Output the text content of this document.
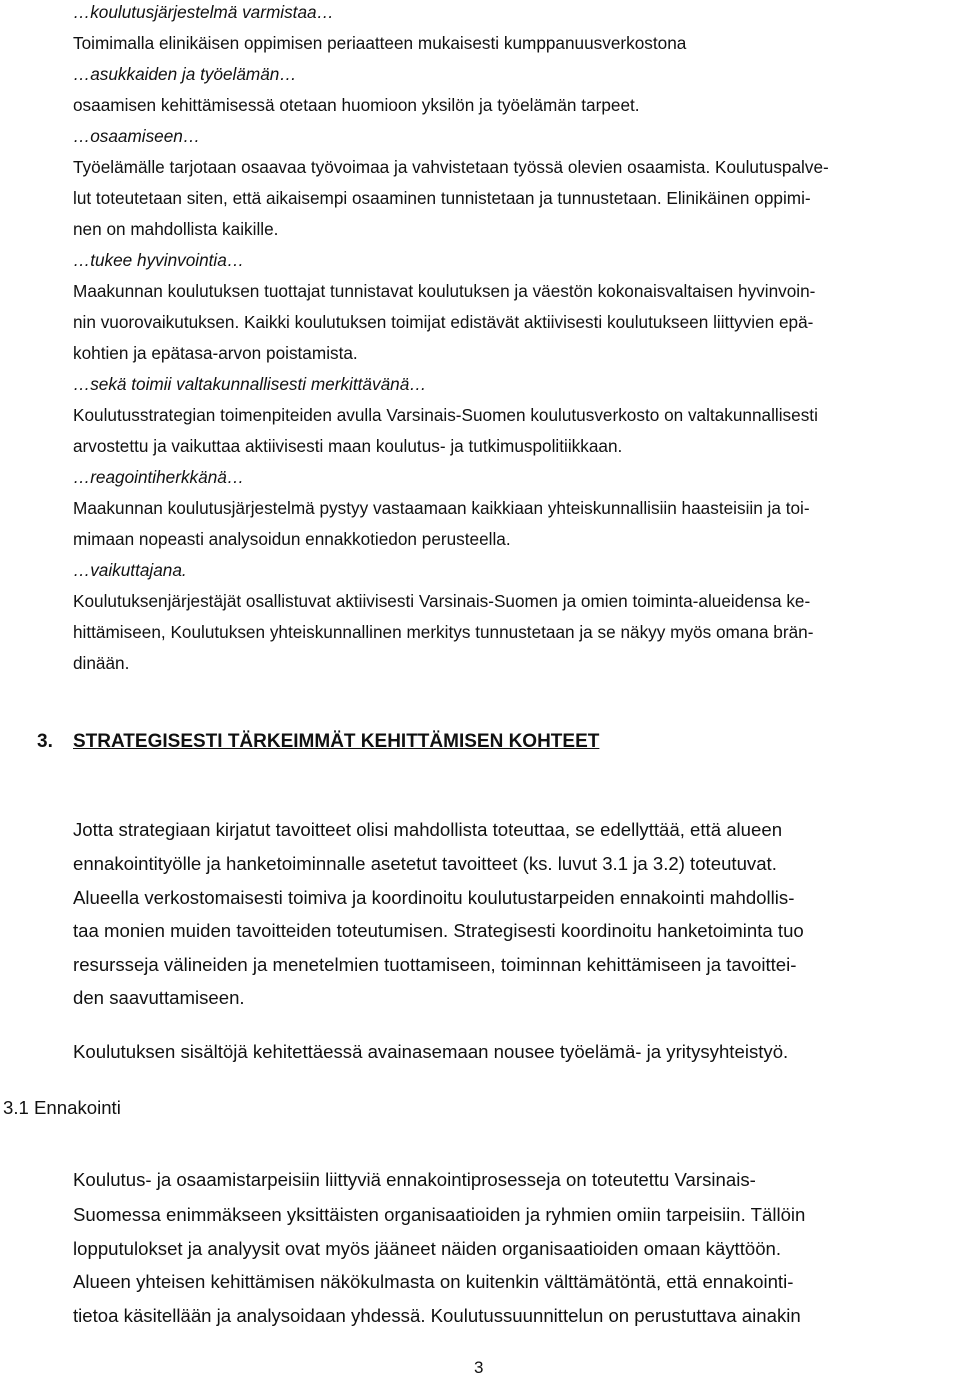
…koulutusjärjestelmä varmistaa…
Toimimalla elinikäisen oppimisen periaatteen mukaisesti kumppanuusverkostona
…asukkaiden ja työelämän…
osaamisen kehittämisessä otetaan huomioon yksilön ja työelämän tarpeet.
…osaamiseen…
Työelämälle tarjotaan osaavaa työvoimaa ja vahvistetaan työssä olevien osaamista. Koulutuspalve-
lut toteutetaan siten, että aikaisempi osaaminen tunnistetaan ja tunnustetaan. Elinikäinen oppimi-
nen on mahdollista kaikille.
…tukee hyvinvointia…
Maakunnan koulutuksen tuottajat tunnistavat koulutuksen ja väestön kokonaisvaltaisen hyvinvoin-
nin vuorovaikutuksen. Kaikki koulutuksen toimijat edistävät aktiivisesti koulutukseen liittyvien epä-
kohtien ja epätasa-arvon poistamista.
…sekä toimii valtakunnallisesti merkittävänä…
Koulutusstrategian toimenpiteiden avulla Varsinais-Suomen koulutusverkosto on valtakunnallisesti
arvostettu ja vaikuttaa aktiivisesti maan koulutus- ja tutkimuspolitiikkaan.
…reagointiherkkänä…
Maakunnan koulutusjärjestelmä pystyy vastaamaan kaikkiaan yhteiskunnallisiin haasteisiin ja toi-
mimaan nopeasti analysoidun ennakkotiedon perusteella.
…vaikuttajana.
Koulutuksenjärjestäjät osallistuvat aktiivisesti Varsinais-Suomen ja omien toiminta-alueidensa ke-
hittämiseen, Koulutuksen yhteiskunnallinen merkitys tunnustetaan ja se näkyy myös omana brän-
dinään.
3. STRATEGISESTI TÄRKEIMMÄT KEHITTÄMISEN KOHTEET
Jotta strategiaan kirjatut tavoitteet olisi mahdollista toteuttaa, se edellyttää, että alueen
ennakointityölle ja hanketoiminnalle asetetut tavoitteet (ks. luvut 3.1 ja 3.2) toteutuvat.
Alueella verkostomaisesti toimiva ja koordinoitu koulutustarpeiden ennakointi mahdollis-
taa monien muiden tavoitteiden toteutumisen. Strategisesti koordinoitu hanketoiminta tuo
resursseja välineiden ja menetelmien tuottamiseen, toiminnan kehittämiseen ja tavoittei-
den saavuttamiseen.
Koulutuksen sisältöjä kehitettäessä avainasemaan nousee työelämä- ja yritysyhteistyö.
3.1 Ennakointi
Koulutus- ja osaamistarpeisiin liittyviä ennakointiprosesseja on toteutettu Varsinais-
Suomessa enimmäkseen yksittäisten organisaatioiden ja ryhmien omiin tarpeisiin. Tällöin
lopputulokset ja analyysit ovat myös jääneet näiden organisaatioiden omaan käyttöön.
Alueen yhteisen kehittämisen näkökulmasta on kuitenkin välttämätöntä, että ennakointi-
tietoa käsitellään ja analysoidaan yhdessä. Koulutussuunnittelun on perustuttava ainakin
3
